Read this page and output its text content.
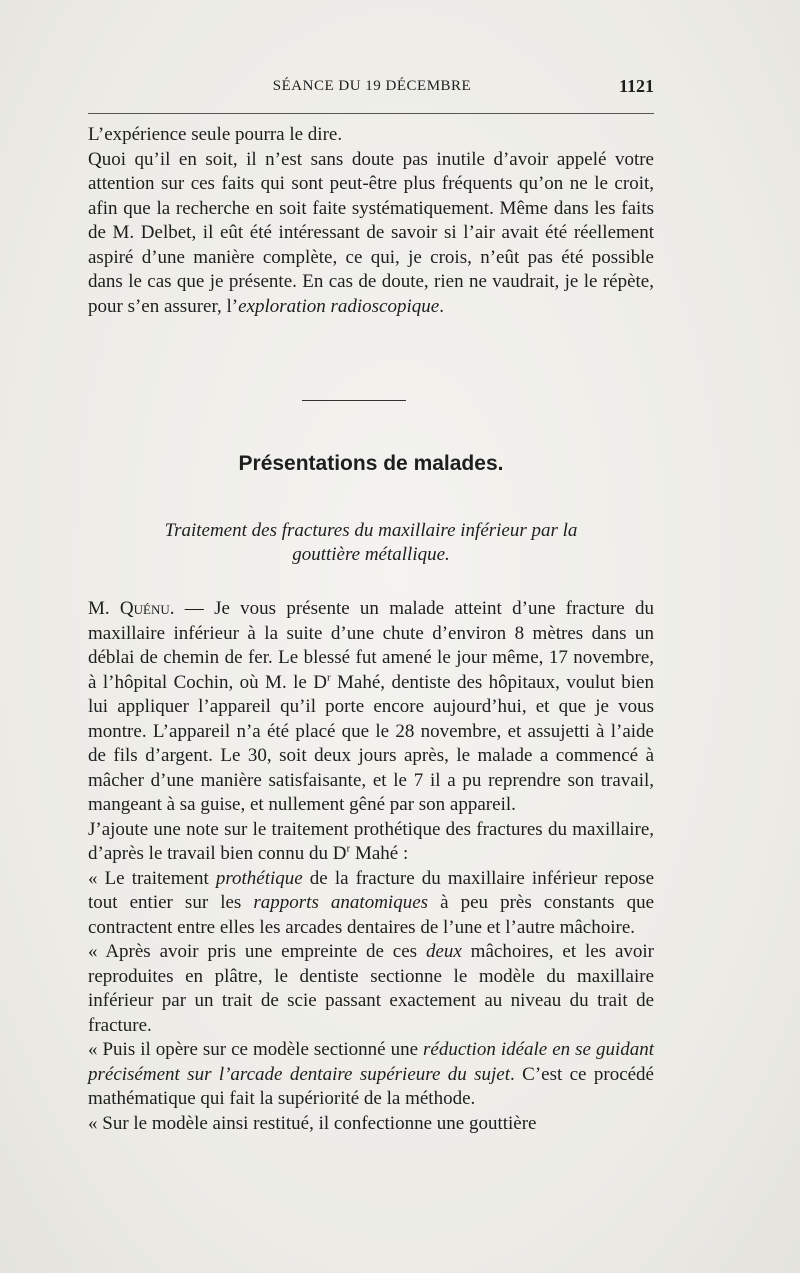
SÉANCE DU 19 DÉCEMBRE	1121

L’expérience seule pourra le dire.

Quoi qu’il en soit, il n’est sans doute pas inutile d’avoir appelé votre attention sur ces faits qui sont peut-être plus fréquents qu’on ne le croit, afin que la recherche en soit faite systématiquement. Même dans les faits de M. Delbet, il eût été intéressant de savoir si l’air avait été réellement aspiré d’une manière complète, ce qui, je crois, n’eût pas été possible dans le cas que je présente. En cas de doute, rien ne vaudrait, je le répète, pour s’en assurer, l’exploration radioscopique.

Présentations de malades.
Traitement des fractures du maxillaire inférieur par la
gouttière métallique.

M. Quénu. — Je vous présente un malade atteint d’une fracture du maxillaire inférieur à la suite d’une chute d’environ 8 mètres dans un déblai de chemin de fer. Le blessé fut amené le jour même, 17 novembre, à l’hôpital Cochin, où M. le $D^r$ Mahé, dentiste des hôpitaux, voulut bien lui appliquer l’appareil qu’il porte encore aujourd’hui, et que je vous montre. L’appareil n’a été placé que le 28 novembre, et assujetti à l’aide de fils d’argent. Le 30, soit deux jours après, le malade a commencé à mâcher d’une manière satisfaisante, et le 7 il a pu reprendre son travail, mangeant à sa guise, et nullement gêné par son appareil.

J’ajoute une note sur le traitement prothétique des fractures du maxillaire, d’après le travail bien connu du $D^r$ Mahé :

« Le traitement prothétique de la fracture du maxillaire inférieur repose tout entier sur les rapports anatomiques à peu près constants que contractent entre elles les arcades dentaires de l’une et l’autre mâchoire.

« Après avoir pris une empreinte de ces deux mâchoires, et les avoir reproduites en plâtre, le dentiste sectionne le modèle du maxillaire inférieur par un trait de scie passant exactement au niveau du trait de fracture.

« Puis il opère sur ce modèle sectionné une réduction idéale en se guidant précisément sur l’arcade dentaire supérieure du sujet. C’est ce procédé mathématique qui fait la supériorité de la méthode.

« Sur le modèle ainsi restitué, il confectionne une gouttière
